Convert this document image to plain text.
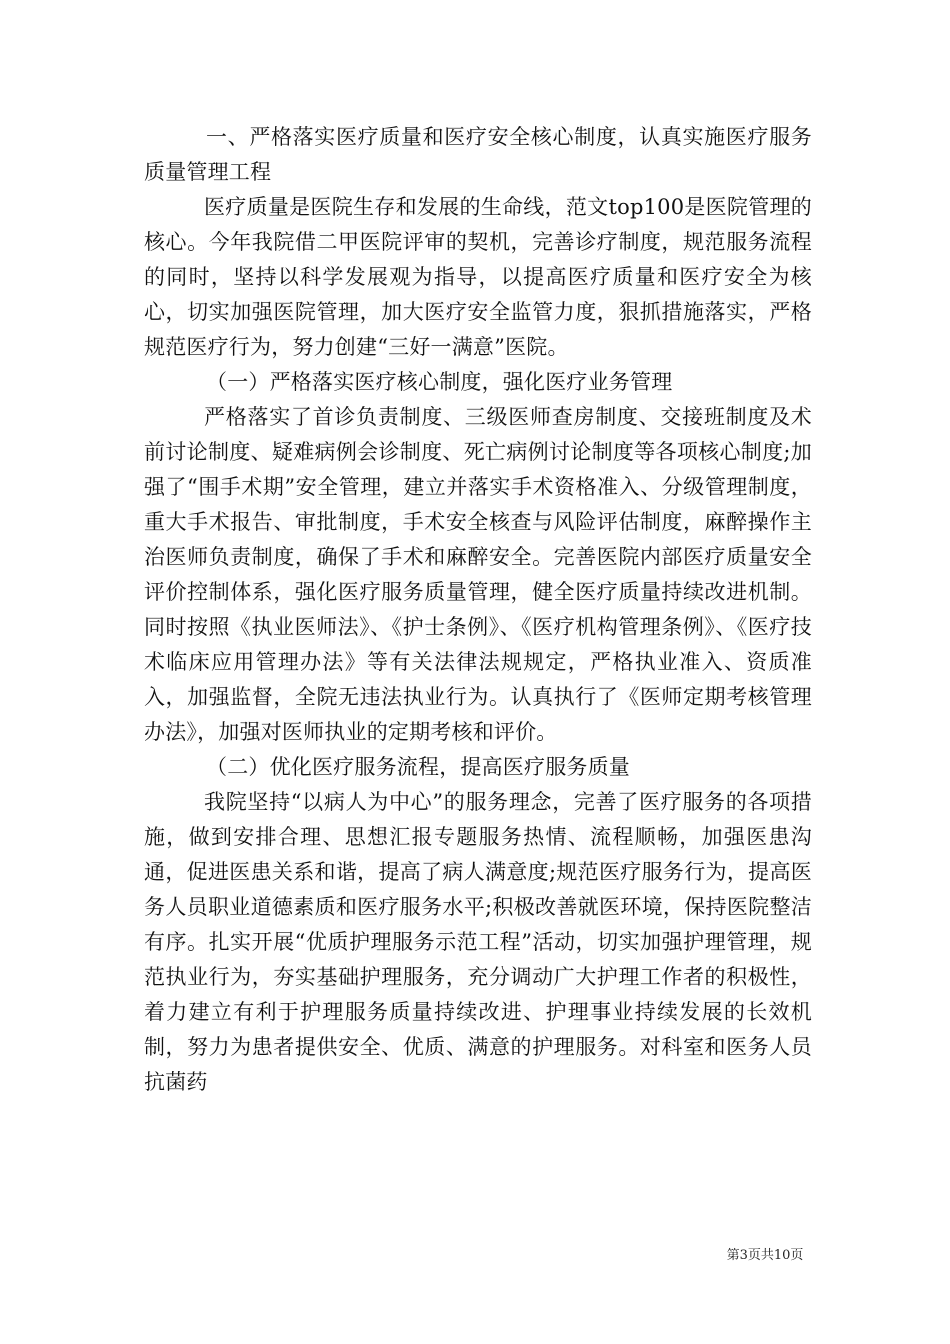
一、严格落实医疗质量和医疗安全核心制度，认真实施医疗服务质量管理工程

医疗质量是医院生存和发展的生命线，范文top100是医院管理的核心。今年我院借二甲医院评审的契机，完善诊疗制度，规范服务流程的同时，坚持以科学发展观为指导，以提高医疗质量和医疗安全为核心，切实加强医院管理，加大医疗安全监管力度，狠抓措施落实，严格规范医疗行为，努力创建“三好一满意”医院。

（一）严格落实医疗核心制度，强化医疗业务管理

严格落实了首诊负责制度、三级医师查房制度、交接班制度及术前讨论制度、疑难病例会诊制度、死亡病例讨论制度等各项核心制度;加强了“围手术期”安全管理，建立并落实手术资格准入、分级管理制度，重大手术报告、审批制度，手术安全核查与风险评估制度，麻醉操作主治医师负责制度，确保了手术和麻醉安全。完善医院内部医疗质量安全评价控制体系，强化医疗服务质量管理，健全医疗质量持续改进机制。同时按照《执业医师法》、《护士条例》、《医疗机构管理条例》、《医疗技术临床应用管理办法》等有关法律法规规定，严格执业准入、资质准入，加强监督，全院无违法执业行为。认真执行了《医师定期考核管理办法》，加强对医师执业的定期考核和评价。

（二）优化医疗服务流程，提高医疗服务质量

我院坚持“以病人为中心”的服务理念，完善了医疗服务的各项措施，做到安排合理、思想汇报专题服务热情、流程顺畅，加强医患沟通，促进医患关系和谐，提高了病人满意度;规范医疗服务行为，提高医务人员职业道德素质和医疗服务水平;积极改善就医环境，保持医院整洁有序。扎实开展“优质护理服务示范工程”活动，切实加强护理管理，规范执业行为，夯实基础护理服务，充分调动广大护理工作者的积极性，着力建立有利于护理服务质量持续改进、护理事业持续发展的长效机制，努力为患者提供安全、优质、满意的护理服务。对科室和医务人员抗菌药

第3页共10页
